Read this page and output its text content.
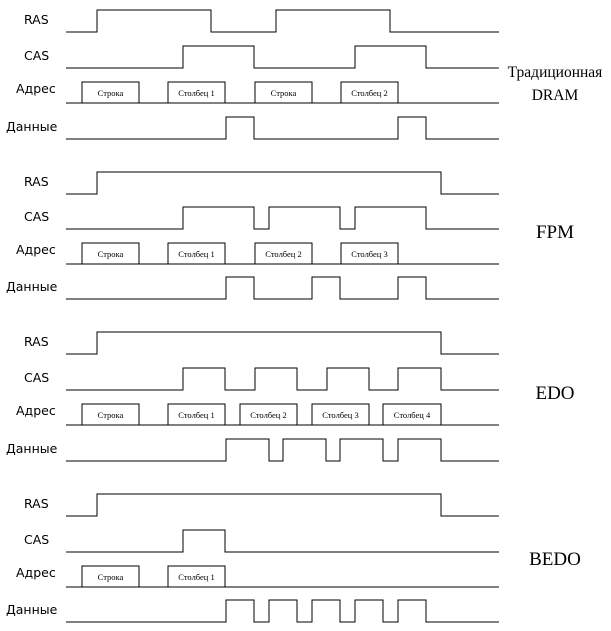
RAS
CAS
Адрес
Данные
Строка	Столбец 1	Строка	Столбец 2
Традиционная
DRAM
RAS
CAS
Адрес
Данные
Строка	Столбец 1	Столбец 2	Столбец 3
FPM
RAS
CAS
Адрес
Данные
Строка	Столбец 1	Столбец 2	Столбец 3	Столбец 4
EDO
RAS
CAS
Адрес
Данные
Строка	Столбец 1
BEDO
